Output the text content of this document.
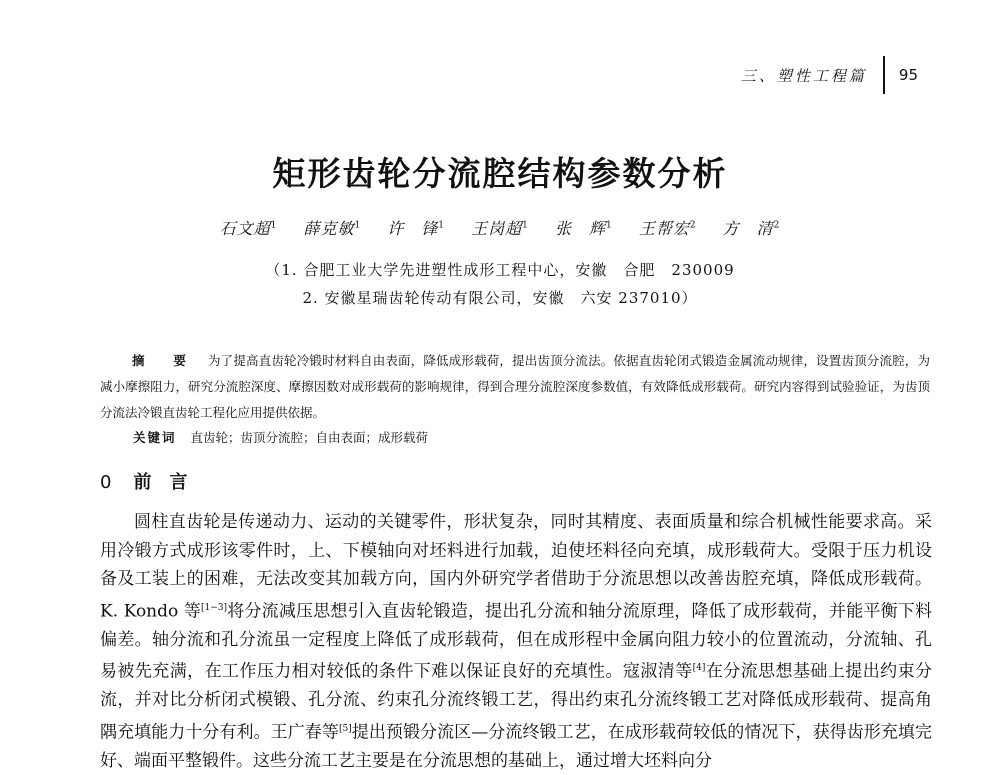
三、塑性工程篇 95
矩形齿轮分流腔结构参数分析
石文超$^1$ 薛克敏$^1$ 许　锋$^1$ 王岗超$^1$ 张　辉$^1$ 王帮宏$^2$ 方　清$^2$
（1. 合肥工业大学先进塑性成形工程中心，安徽　合肥　230009
2. 安徽星瑞齿轮传动有限公司，安徽　六安 237010）
摘　要 为了提高直齿轮冷锻时材料自由表面，降低成形载荷，提出齿顶分流法。依据直齿轮闭式锻造金属流动规律，设置齿顶分流腔，为减小摩擦阻力，研究分流腔深度、摩擦因数对成形载荷的影响规律，得到合理分流腔深度参数值，有效降低成形载荷。研究内容得到试验验证，为齿顶分流法冷锻直齿轮工程化应用提供依据。
关键词 直齿轮；齿顶分流腔；自由表面；成形载荷
0 前言

圆柱直齿轮是传递动力、运动的关键零件，形状复杂，同时其精度、表面质量和综合机械性能要求高。采用冷锻方式成形该零件时，上、下模轴向对坯料进行加载，迫使坯料径向充填，成形载荷大。受限于压力机设备及工装上的困难，无法改变其加载方向，国内外研究学者借助于分流思想以改善齿腔充填，降低成形载荷。K. Kondo 等[1−3]将分流减压思想引入直齿轮锻造，提出孔分流和轴分流原理，降低了成形载荷，并能平衡下料偏差。轴分流和孔分流虽一定程度上降低了成形载荷，但在成形程中金属向阻力较小的位置流动，分流轴、孔易被先充满，在工作压力相对较低的条件下难以保证良好的充填性。寇淑清等[4]在分流思想基础上提出约束分流，并对比分析闭式模锻、孔分流、约束孔分流终锻工艺，得出约束孔分流终锻工艺对降低成形载荷、提高角隅充填能力十分有利。王广春等[5]提出预锻分流区—分流终锻工艺，在成形载荷较低的情况下，获得齿形充填完好、端面平整锻件。这些分流工艺主要是在分流思想的基础上，通过增大坯料向分
